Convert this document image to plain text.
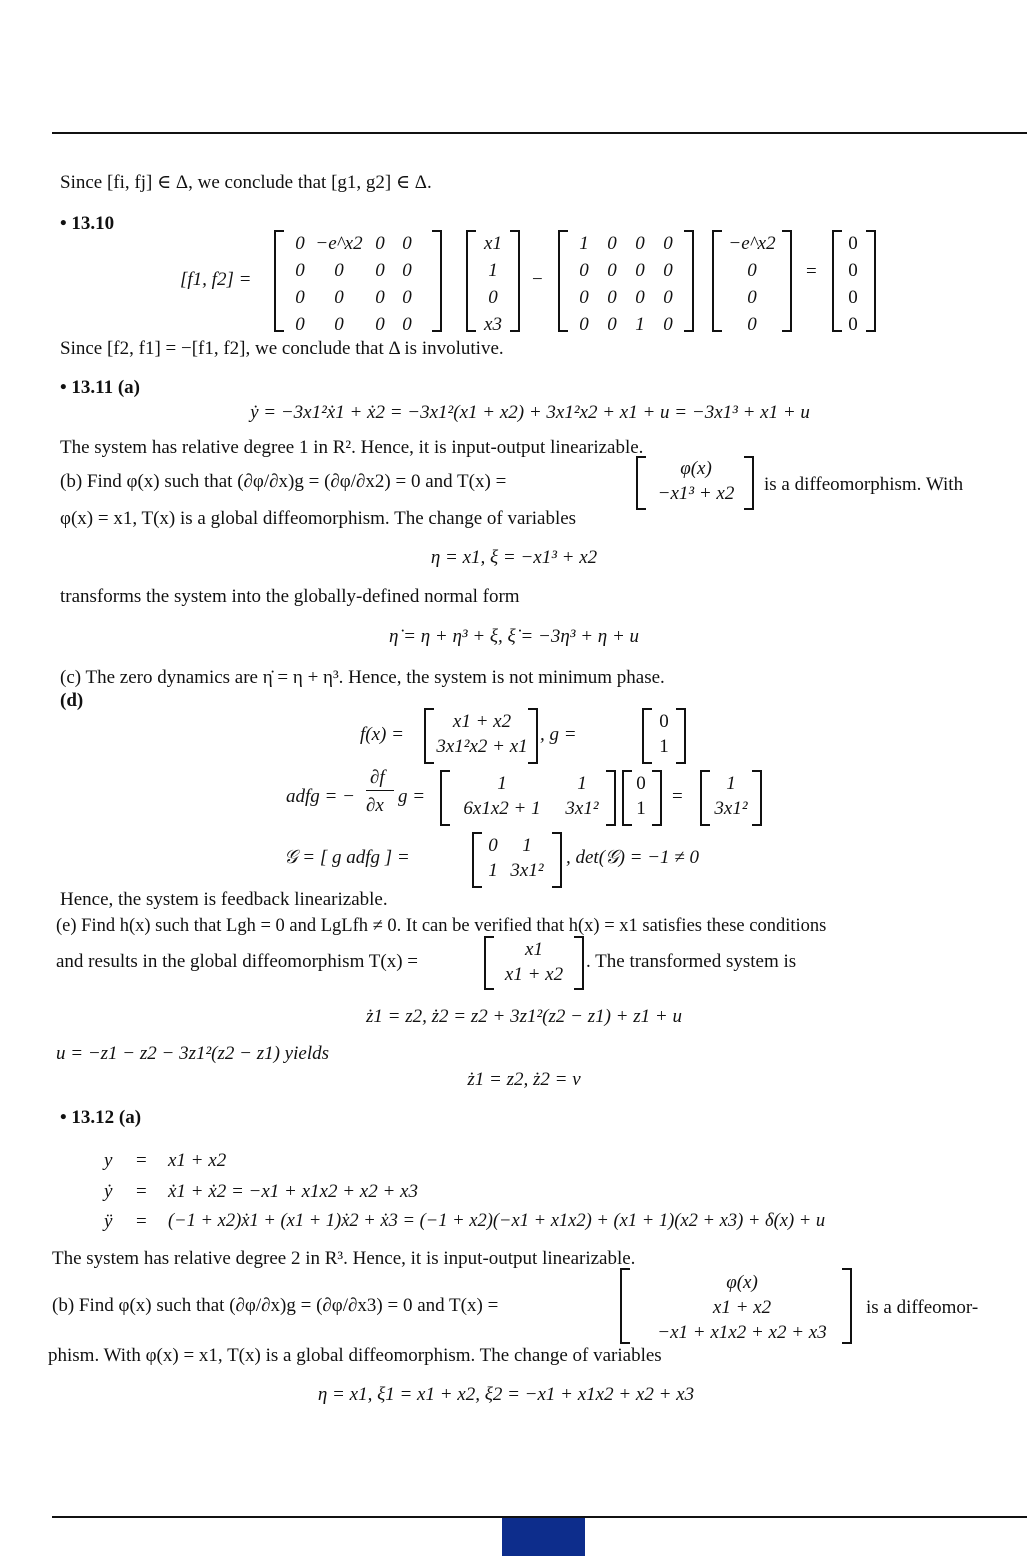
Since [fi, fj] ∈ Δ, we conclude that [g1, g2] ∈ Δ.
• 13.10
[f1, f2] =
0 −e^x2 0 0
0	0	0 0
0	0	0 0
0	0	0 0
x1
1
0
x3
−
1 0 0 0
0 0 0 0
0 0 0 0
0 0 1 0
−e^x2
0
0
0
=
0
0
0
0
Since [f2, f1] = −[f1, f2], we conclude that Δ is involutive.
• 13.11 (a)
ẏ = −3x1²ẋ1 + ẋ2 = −3x1²(x1 + x2) + 3x1²x2 + x1 + u = −3x1³ + x1 + u
The system has relative degree 1 in R². Hence, it is input-output linearizable.
(b) Find φ(x) such that (∂φ/∂x)g = (∂φ/∂x2) = 0 and T(x) =
φ(x)
−x1³ + x2	is a diffeomorphism. With
φ(x) = x1, T(x) is a global diffeomorphism. The change of variables
η = x1, ξ = −x1³ + x2
transforms the system into the globally-defined normal form
η̇ = η + η³ + ξ, ξ̇ = −3η³ + η + u
(c) The zero dynamics are η̇ = η + η³. Hence, the system is not minimum phase.
(d)
f(x) =
x1 + x2
3x1²x2 + x1
, g =
0
1
adfg = −
∂f
∂x g =
1	1
6x1x2 + 1	3x1²
0
1
=
1
3x1²
𝒢 = [ g adfg ] =
0	1
1 3x1²
, det(𝒢) = −1 ≠ 0
Hence, the system is feedback linearizable.
(e) Find h(x) such that Lgh = 0 and LgLfh ≠ 0. It can be verified that h(x) = x1 satisfies these conditions
and results in the global diffeomorphism T(x) =
x1
x1 + x2
. The transformed system is
ż1 = z2, ż2 = z2 + 3z1²(z2 − z1) + z1 + u
u = −z1 − z2 − 3z1²(z2 − z1) yields
ż1 = z2, ż2 = v
• 13.12 (a)
y = x1 + x2
ẏ = ẋ1 + ẋ2 = −x1 + x1x2 + x2 + x3
ÿ = (−1 + x2)ẋ1 + (x1 + 1)ẋ2 + ẋ3 = (−1 + x2)(−x1 + x1x2) + (x1 + 1)(x2 + x3) + δ(x) + u
The system has relative degree 2 in R³. Hence, it is input-output linearizable.
(b) Find φ(x) such that (∂φ/∂x)g = (∂φ/∂x3) = 0 and T(x) =
φ(x)
x1 + x2
−x1 + x1x2 + x2 + x3
is a diffeomor-
phism. With φ(x) = x1, T(x) is a global diffeomorphism. The change of variables
η = x1, ξ1 = x1 + x2, ξ2 = −x1 + x1x2 + x2 + x3
